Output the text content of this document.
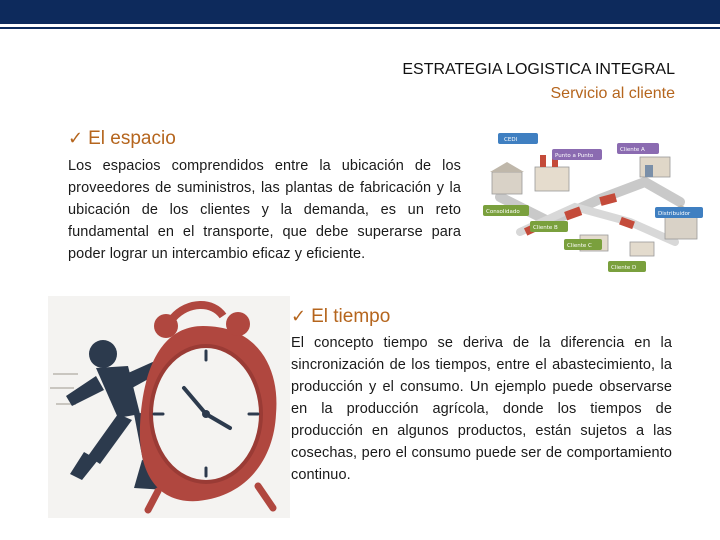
ESTRATEGIA LOGISTICA INTEGRAL
Servicio al cliente
✓ El espacio
Los espacios comprendidos entre la ubicación de los proveedores de suministros, las plantas de fabricación y la ubicación de los clientes y la demanda, es un reto fundamental en el transporte, que debe superarse para poder lograr un intercambio eficaz y eficiente.
CEDI
Punto a Punto
Cliente A
Consolidado	Distribuidor
Cliente B
Cliente C
Cliente D
✓ El tiempo
El concepto tiempo se deriva de la diferencia en la sincronización de los tiempos, entre el abastecimiento, la producción y el consumo. Un ejemplo puede observarse en la producción agrícola, donde los tiempos de producción en algunos productos, están sujetos a las cosechas, pero el consumo puede ser de comportamiento continuo.
